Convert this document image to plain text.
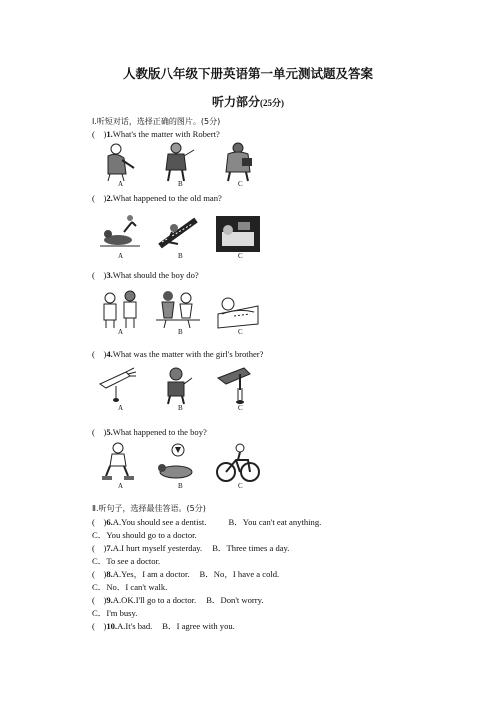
人教版八年级下册英语第一单元测试题及答案
听力部分(25分)
Ⅰ.听短对话，选择正确的图片。(5分)
(　)1.What's the matter with Robert?
A	B	C
(　)2.What happened to the old man?
A	B	C
(　)3.What should the boy do?
A	B	C
(　)4.What was the matter with the girl's brother?
A	B	C
(　)5.What happened to the boy?
A	B	C
Ⅱ.听句子，选择最佳答语。(5分)
(　)6.A.You should see a dentist.	B．You can't eat anything.
C．You should go to a doctor.
(　)7.A.I hurt myself yesterday. B．Three times a day.
C．To see a doctor.
(　)8.A.Yes，I am a doctor. B．No，I have a cold.
C．No．I can't walk.
(　)9.A.OK.I'll go to a doctor. B．Don't worry.
C．I'm busy.
(　)10.A.It's bad. B．I agree with you.
